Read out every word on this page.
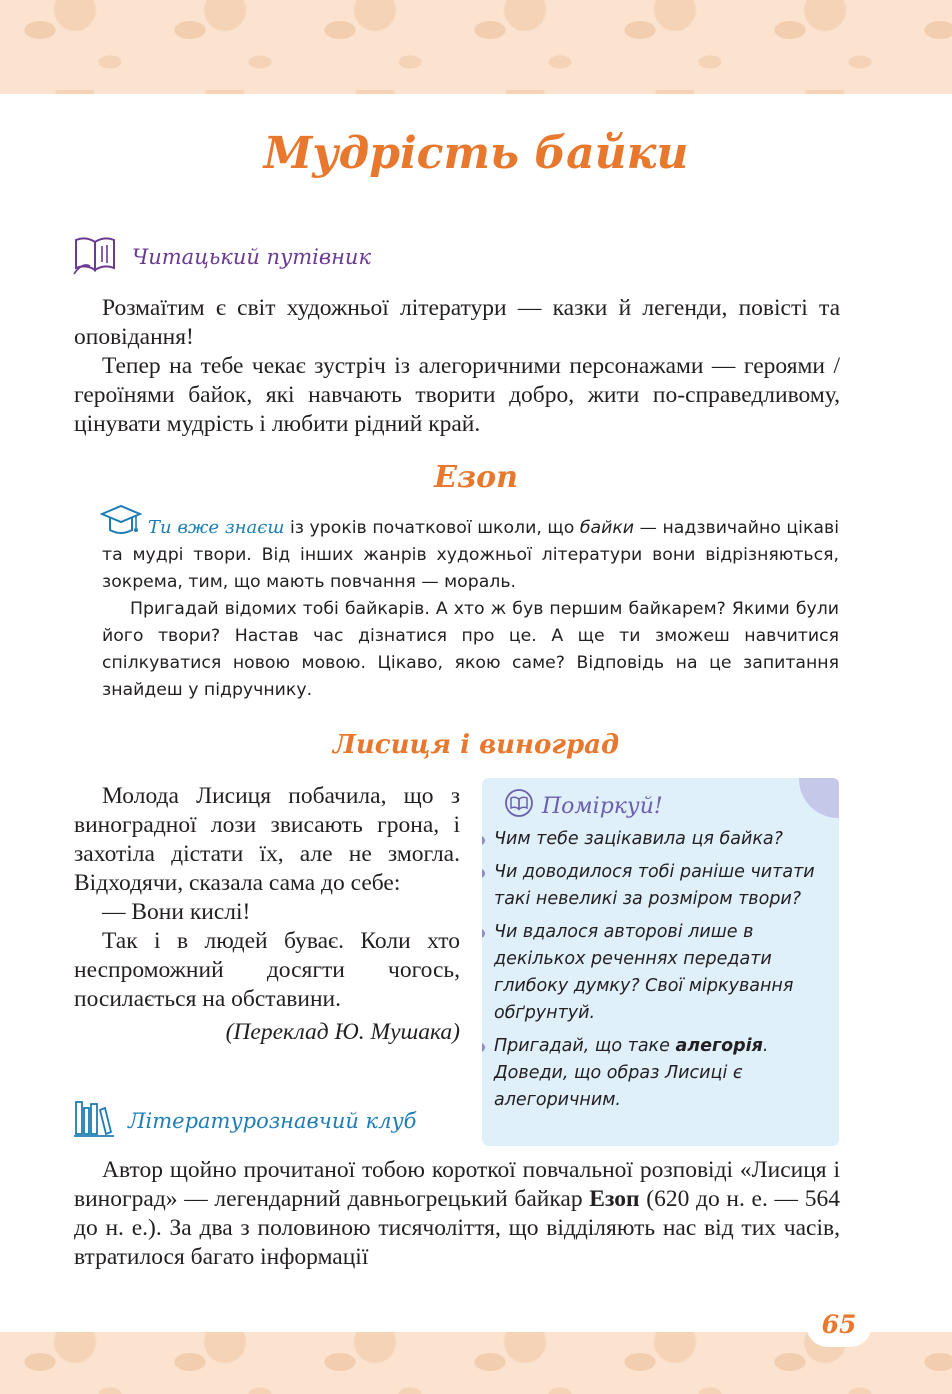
Мудрість байки
Читацький путівник

Розмаїтим є світ художньої літератури — казки й легенди, повісті та оповідання!

Тепер на тебе чекає зустріч із алегоричними персонажами — героями / героїнями байок, які навчають творити добро, жити по-справедливому, цінувати мудрість і любити рідний край.

Езоп

Ти вже знаєш із уроків початкової школи, що байки — надзвичайно цікаві та мудрі твори. Від інших жанрів художньої літератури вони відрізняються, зокрема, тим, що мають повчання — мораль.

Пригадай відомих тобі байкарів. А хто ж був першим байкарем? Якими були його твори? Настав час дізнатися про це. А ще ти зможеш навчитися спілкуватися новою мовою. Цікаво, якою саме? Відповідь на це запитання знайдеш у підручнику.

Лисиця і виноград

Молода Лисиця побачила, що з виноградної лози звисають грона, і захотіла дістати їх, але не змогла. Відходячи, сказала сама до себе:

— Вони кислі!

Так і в людей буває. Коли хто неспроможний досягти чогось, посилається на обставини.

(Переклад Ю. Мушака)

Поміркуй!
Чим тебе зацікавила ця байка?
Чи доводилося тобі раніше читати такі невеликі за розміром твори?
Чи вдалося авторові лише в декількох реченнях передати глибоку думку? Свої міркування обґрунтуй.
Пригадай, що таке алегорія. Доведи, що образ Лисиці є алегоричним.
Літературознавчий клуб

Автор щойно прочитаної тобою короткої повчальної розповіді «Лисиця і виноград» — легендарний давньогрецький байкар Езоп (620 до н. е. — 564 до н. е.). За два з половиною тисячоліття, що відділяють нас від тих часів, втратилося багато інформації

65
